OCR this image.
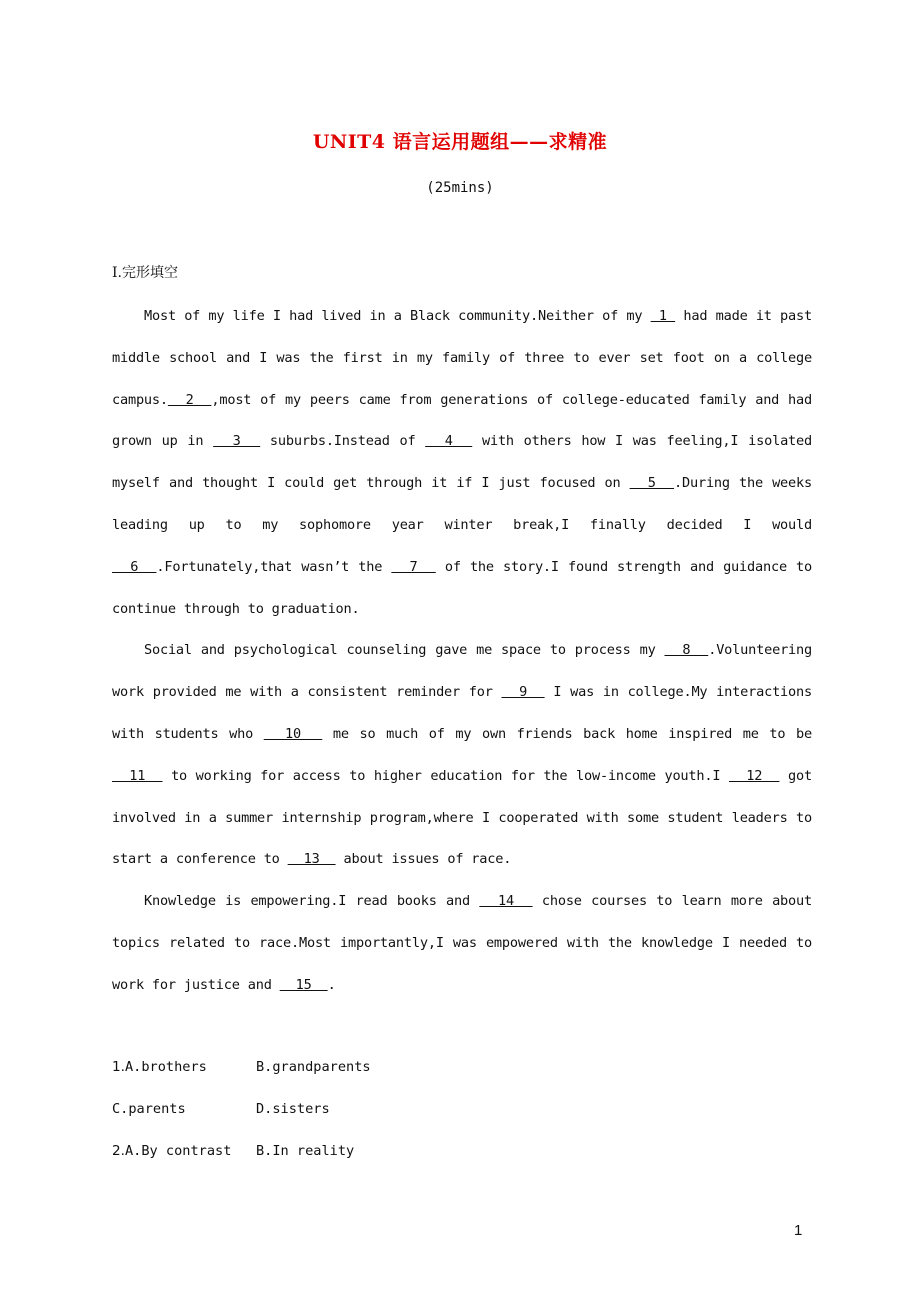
UNIT4 语言运用题组——求精准
(25mins)
Ⅰ.完形填空

Most of my life I had lived in a Black community.Neither of my  1  had made it past middle school and I was the first in my family of three to ever set foot on a college campus.  2  ,most of my peers came from generations of college-educated family and had grown up in   3   suburbs.Instead of   4   with others how I was feeling,I isolated myself and thought I could get through it if I just focused on   5  .During the weeks leading up to my sophomore year winter break,I finally decided I would   6  .Fortunately,that wasn’t the   7   of the story.I found strength and guidance to continue through to graduation.

Social and psychological counseling gave me space to process my   8  .Volunteering work provided me with a consistent reminder for   9   I was in college.My interactions with students who   10   me so much of my own friends back home inspired me to be   11   to working for access to higher education for the low-income youth.I   12   got involved in a summer internship program,where I cooperated with some student leaders to start a conference to   13   about issues of race.

Knowledge is empowering.I read books and   14   chose courses to learn more about topics related to race.Most importantly,I was empowered with the knowledge I needed to work for justice and   15  .

1.A.brothers	B.grandparents
C.parents	D.sisters
2.A.By contrast	B.In reality
1
